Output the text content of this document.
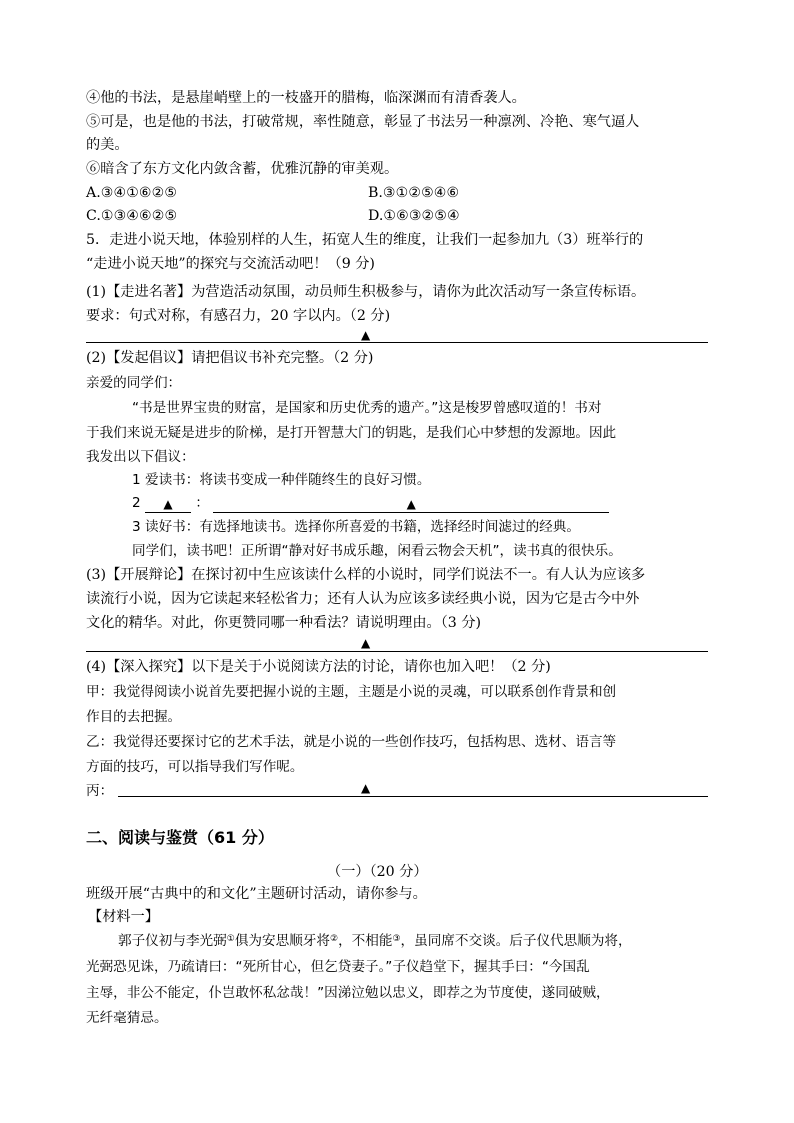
④他的书法，是悬崖峭壁上的一枝盛开的腊梅，临深渊而有清香袭人。
⑤可是，也是他的书法，打破常规，率性随意，彰显了书法另一种凛冽、冷艳、寒气逼人
的美。
⑥暗含了东方文化内敛含蓄，优雅沉静的审美观。
A.③④①⑥②⑤	B.③①②⑤④⑥
C.①③④⑥②⑤	D.①⑥③②⑤④
5．走进小说天地，体验别样的人生，拓宽人生的维度，让我们一起参加九（3）班举行的
“走进小说天地”的探究与交流活动吧！（9 分)
(1)【走进名著】为营造活动氛围，动员师生积极参与，请你为此次活动写一条宣传标语。
要求：句式对称，有感召力，20 字以内。（2 分)
▲
(2)【发起倡议】请把倡议书补充完整。（2 分)
亲爱的同学们：
“书是世界宝贵的财富，是国家和历史优秀的遗产。”这是梭罗曾感叹道的！书对
于我们来说无疑是进步的阶梯，是打开智慧大门的钥匙，是我们心中梦想的发源地。因此
我发出以下倡议：
1 爱读书：将读书变成一种伴随终生的良好习惯。
2 ▲ ：	▲
3 读好书：有选择地读书。选择你所喜爱的书籍，选择经时间滤过的经典。
同学们，读书吧！正所谓“静对好书成乐趣，闲看云物会天机”，读书真的很快乐。
(3)【开展辩论】在探讨初中生应该读什么样的小说时，同学们说法不一。有人认为应该多
读流行小说，因为它读起来轻松省力；还有人认为应该多读经典小说，因为它是古今中外
文化的精华。对此，你更赞同哪一种看法？请说明理由。（3 分)
▲
(4)【深入探究】以下是关于小说阅读方法的讨论，请你也加入吧！（2 分)
甲：我觉得阅读小说首先要把握小说的主题，主题是小说的灵魂，可以联系创作背景和创
作目的去把握。
乙：我觉得还要探讨它的艺术手法，就是小说的一些创作技巧，包括构思、选材、语言等
方面的技巧，可以指导我们写作呢。
丙：	▲
二、阅读与鉴赏（61 分）
（一）（20 分）
班级开展“古典中的和文化”主题研讨活动，请你参与。
【材料一】
郭子仪初与李光弼①俱为安思顺牙将②，不相能③，虽同席不交谈。后子仪代思顺为将，
光弼恐见诛，乃疏请曰：“死所甘心，但乞贷妻子。”子仪趋堂下，握其手曰：“今国乱
主辱，非公不能定，仆岂敢怀私忿哉！”因涕泣勉以忠义，即荐之为节度使，遂同破贼，
无纤毫猜忌。
